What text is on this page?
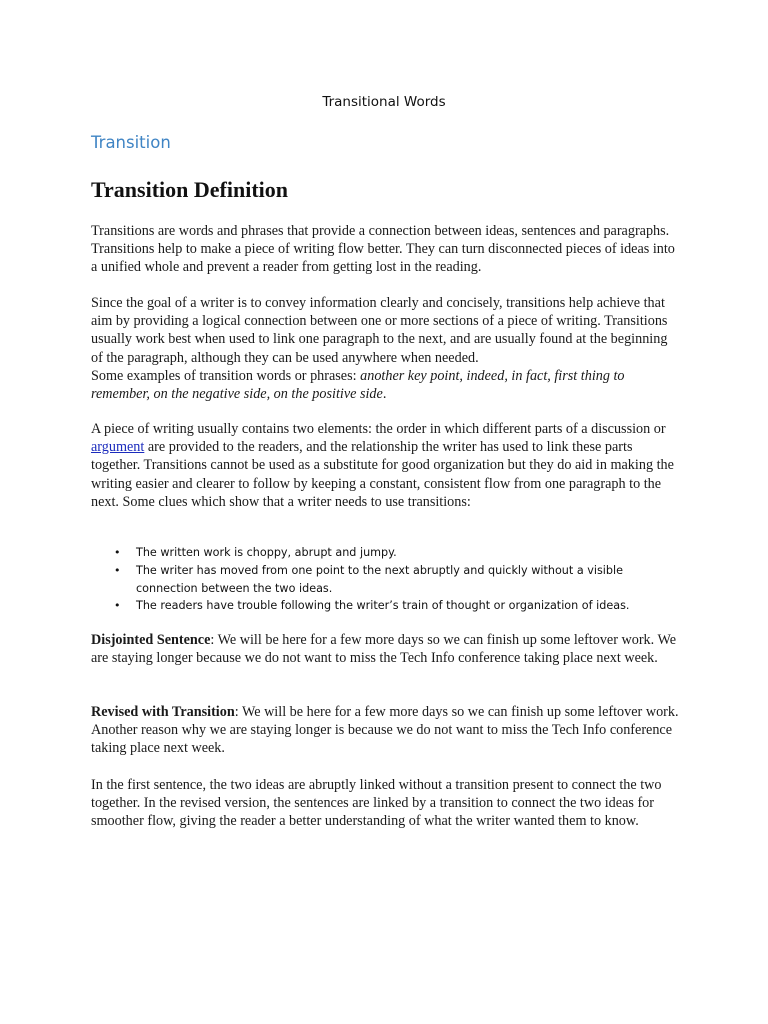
Transitional Words
Transition
Transition Definition

Transitions are words and phrases that provide a connection between ideas, sentences and paragraphs. Transitions help to make a piece of writing flow better. They can turn disconnected pieces of ideas into a unified whole and prevent a reader from getting lost in the reading.

Since the goal of a writer is to convey information clearly and concisely, transitions help achieve that aim by providing a logical connection between one or more sections of a piece of writing. Transitions usually work best when used to link one paragraph to the next, and are usually found at the beginning of the paragraph, although they can be used anywhere when needed.
Some examples of transition words or phrases: another key point, indeed, in fact, first thing to remember, on the negative side, on the positive side.

A piece of writing usually contains two elements: the order in which different parts of a discussion or argument are provided to the readers, and the relationship the writer has used to link these parts together. Transitions cannot be used as a substitute for good organization but they do aid in making the writing easier and clearer to follow by keeping a constant, consistent flow from one paragraph to the next. Some clues which show that a writer needs to use transitions:

• The written work is choppy, abrupt and jumpy.
• The writer has moved from one point to the next abruptly and quickly without a visible connection between the two ideas.
• The readers have trouble following the writer’s train of thought or organization of ideas.

Disjointed Sentence: We will be here for a few more days so we can finish up some leftover work. We are staying longer because we do not want to miss the Tech Info conference taking place next week.

Revised with Transition: We will be here for a few more days so we can finish up some leftover work. Another reason why we are staying longer is because we do not want to miss the Tech Info conference taking place next week.

In the first sentence, the two ideas are abruptly linked without a transition present to connect the two together. In the revised version, the sentences are linked by a transition to connect the two ideas for smoother flow, giving the reader a better understanding of what the writer wanted them to know.
